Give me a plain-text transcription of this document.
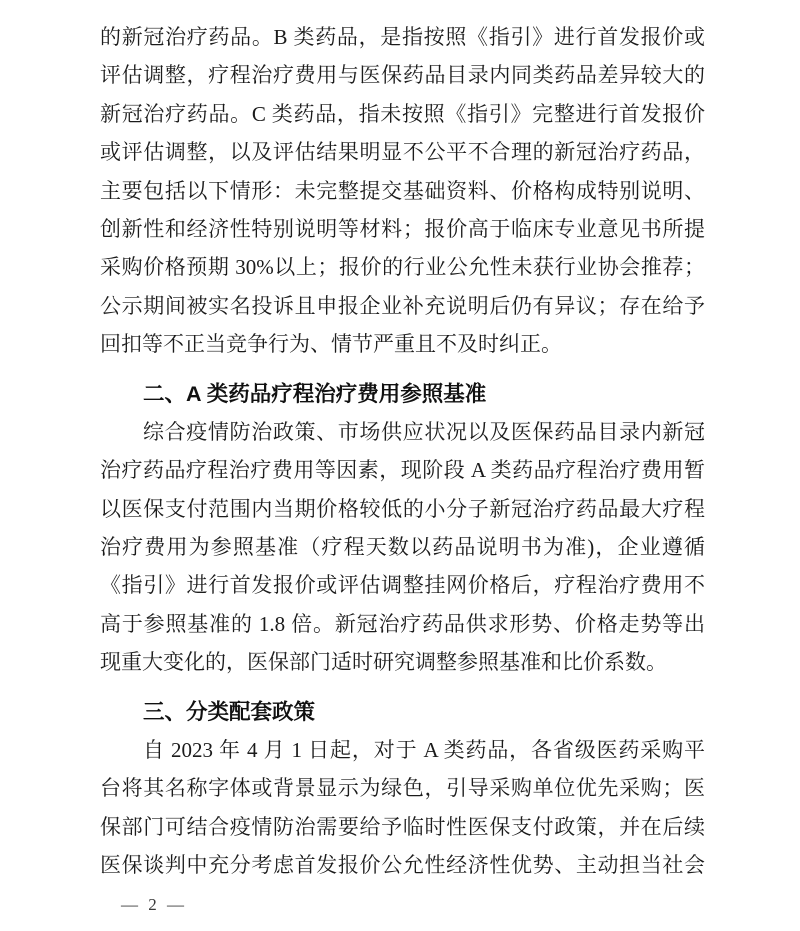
的新冠治疗药品。B 类药品，是指按照《指引》进行首发报价或
评估调整，疗程治疗费用与医保药品目录内同类药品差异较大的
新冠治疗药品。C 类药品，指未按照《指引》完整进行首发报价
或评估调整，以及评估结果明显不公平不合理的新冠治疗药品，
主要包括以下情形：未完整提交基础资料、价格构成特别说明、
创新性和经济性特别说明等材料；报价高于临床专业意见书所提
采购价格预期 30%以上；报价的行业公允性未获行业协会推荐；
公示期间被实名投诉且申报企业补充说明后仍有异议；存在给予
回扣等不正当竞争行为、情节严重且不及时纠正。
二、A 类药品疗程治疗费用参照基准
综合疫情防治政策、市场供应状况以及医保药品目录内新冠
治疗药品疗程治疗费用等因素，现阶段 A 类药品疗程治疗费用暂
以医保支付范围内当期价格较低的小分子新冠治疗药品最大疗程
治疗费用为参照基准（疗程天数以药品说明书为准)，企业遵循
《指引》进行首发报价或评估调整挂网价格后，疗程治疗费用不
高于参照基准的 1.8 倍。新冠治疗药品供求形势、价格走势等出
现重大变化的，医保部门适时研究调整参照基准和比价系数。
三、分类配套政策
自 2023 年 4 月 1 日起，对于 A 类药品，各省级医药采购平
台将其名称字体或背景显示为绿色，引导采购单位优先采购；医
保部门可结合疫情防治需要给予临时性医保支付政策，并在后续
医保谈判中充分考虑首发报价公允性经济性优势、主动担当社会
— 2 —
